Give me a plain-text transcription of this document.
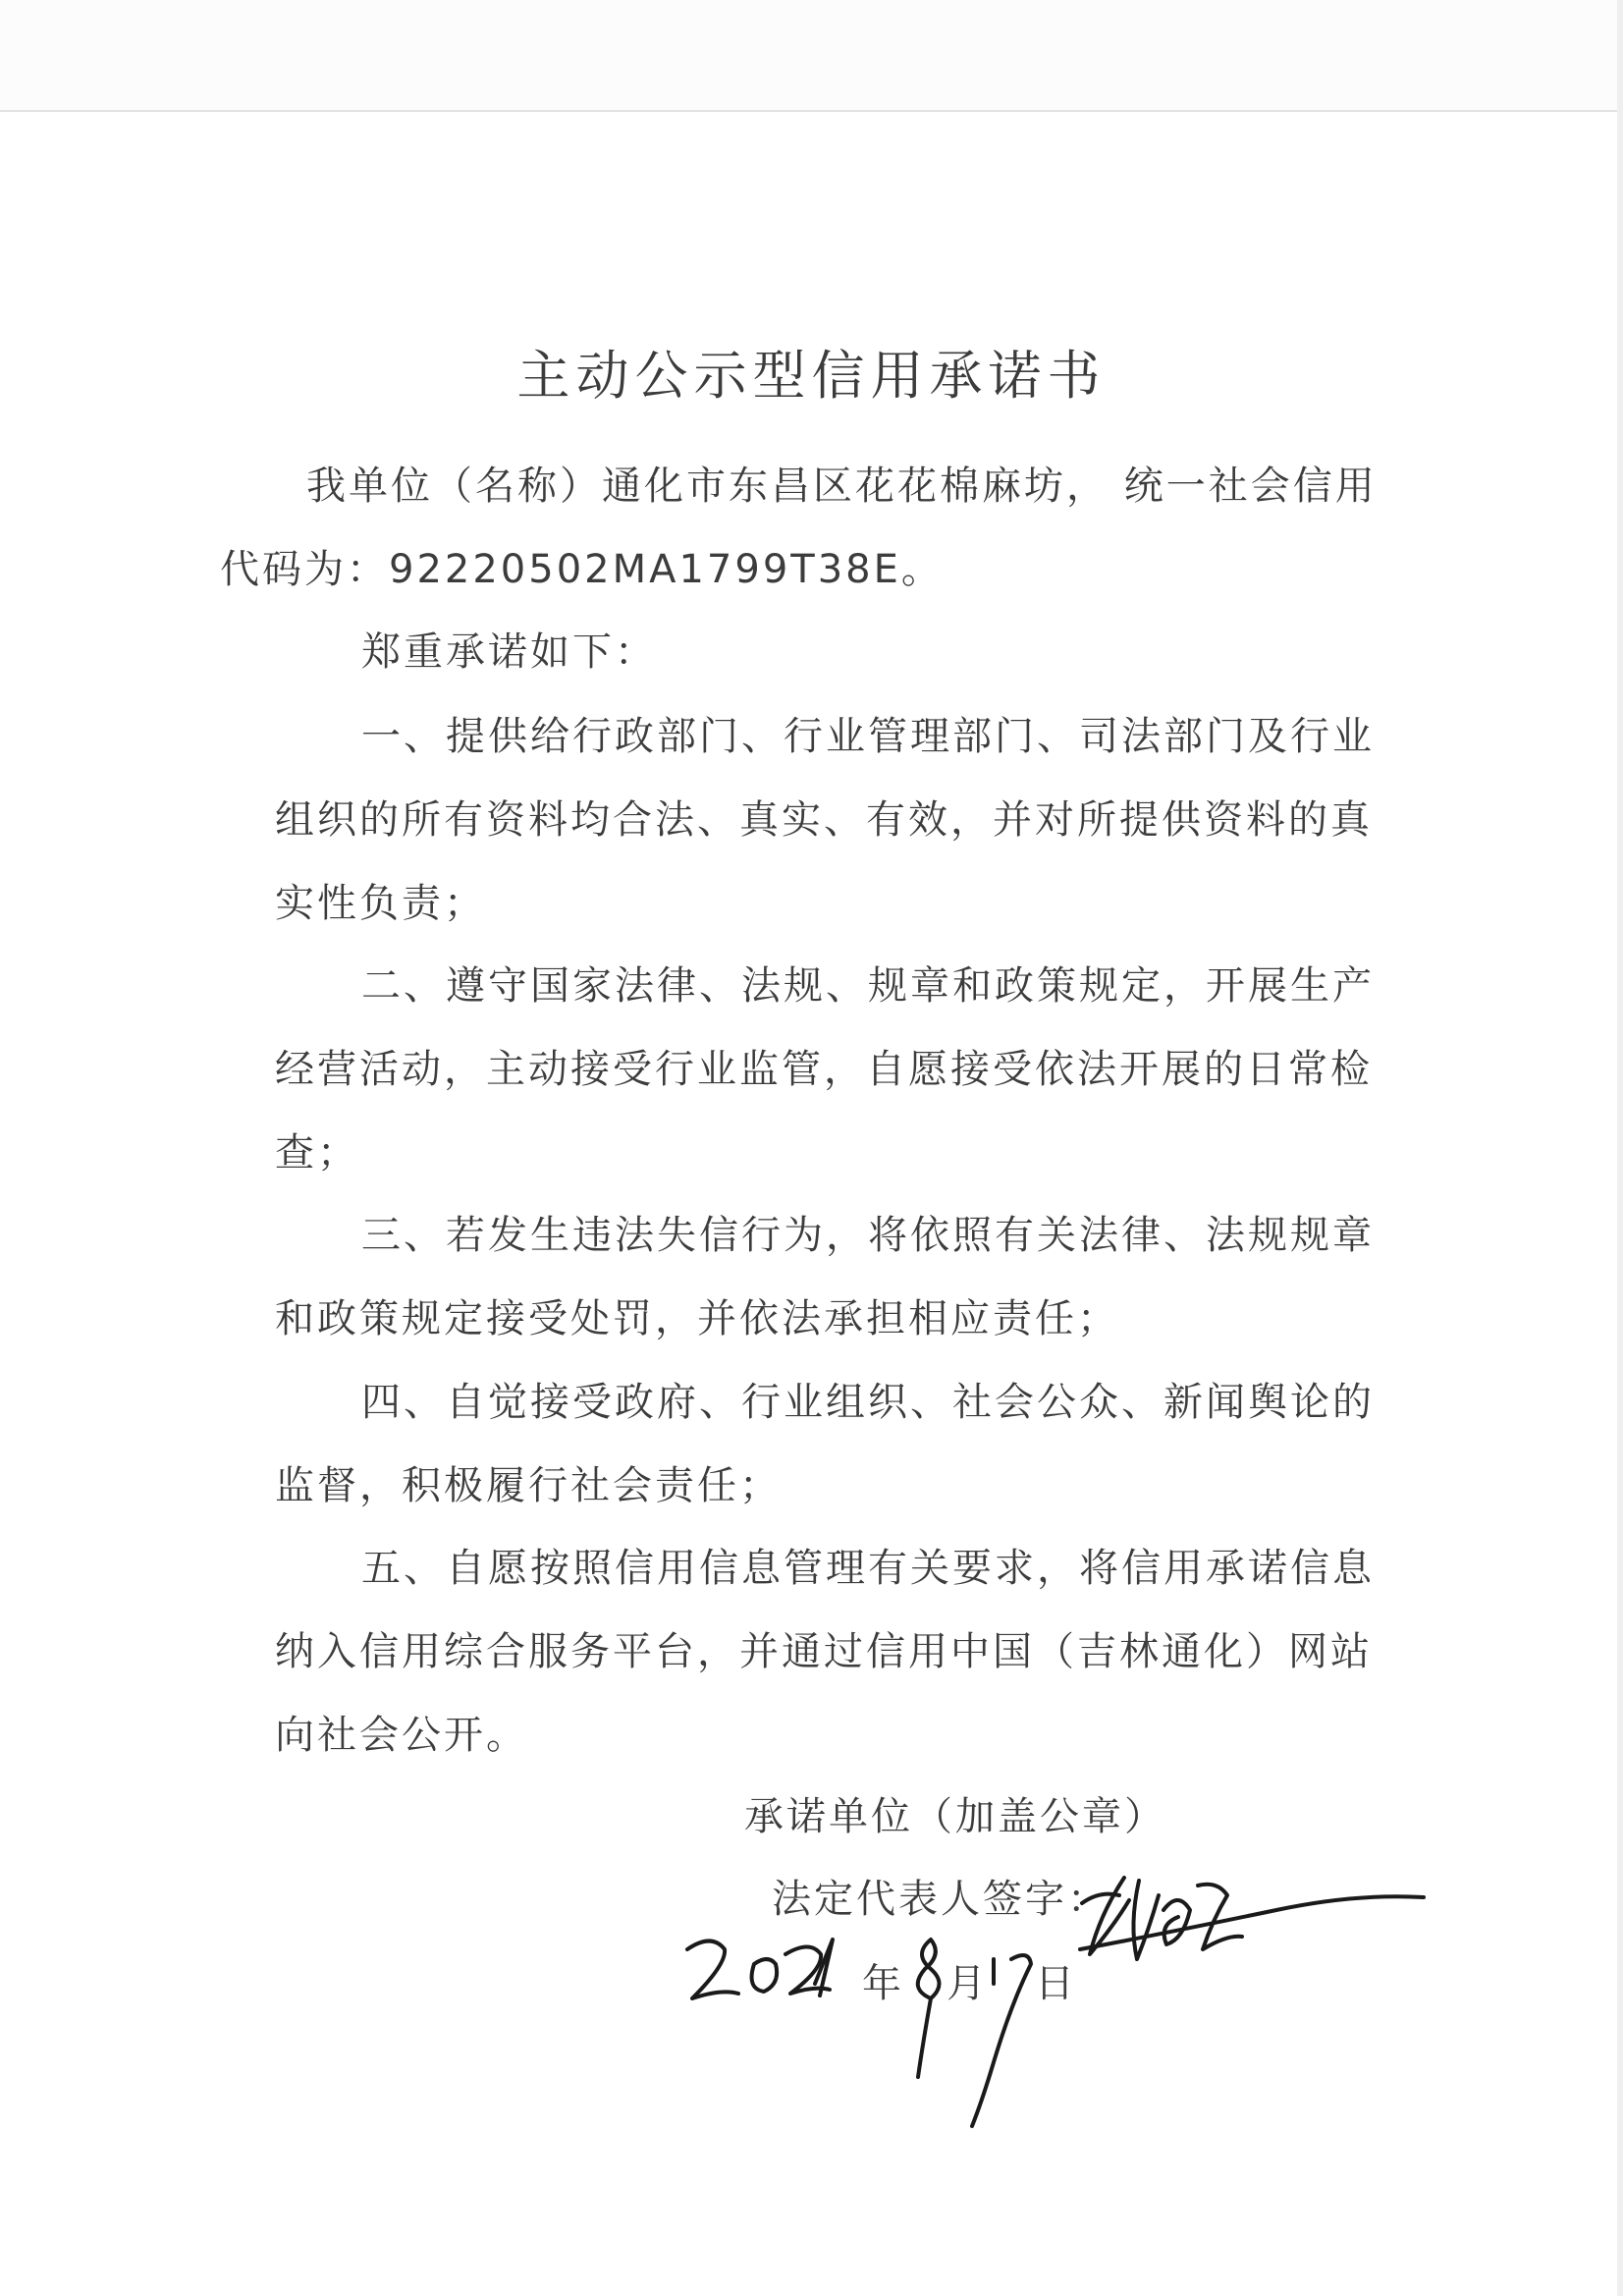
主动公示型信用承诺书
我单位（名称）通化市东昌区花花棉麻坊， 统一社会信用
代码为：92220502MA1799T38E。
郑重承诺如下：
一、提供给行政部门、行业管理部门、司法部门及行业
组织的所有资料均合法、真实、有效，并对所提供资料的真
实性负责；
二、遵守国家法律、法规、规章和政策规定，开展生产
经营活动，主动接受行业监管，自愿接受依法开展的日常检
查；
三、若发生违法失信行为，将依照有关法律、法规规章
和政策规定接受处罚，并依法承担相应责任；
四、自觉接受政府、行业组织、社会公众、新闻舆论的
监督，积极履行社会责任；
五、自愿按照信用信息管理有关要求，将信用承诺信息
纳入信用综合服务平台，并通过信用中国（吉林通化）网站
向社会公开。
承诺单位（加盖公章）
法定代表人签字：
年 月 日
